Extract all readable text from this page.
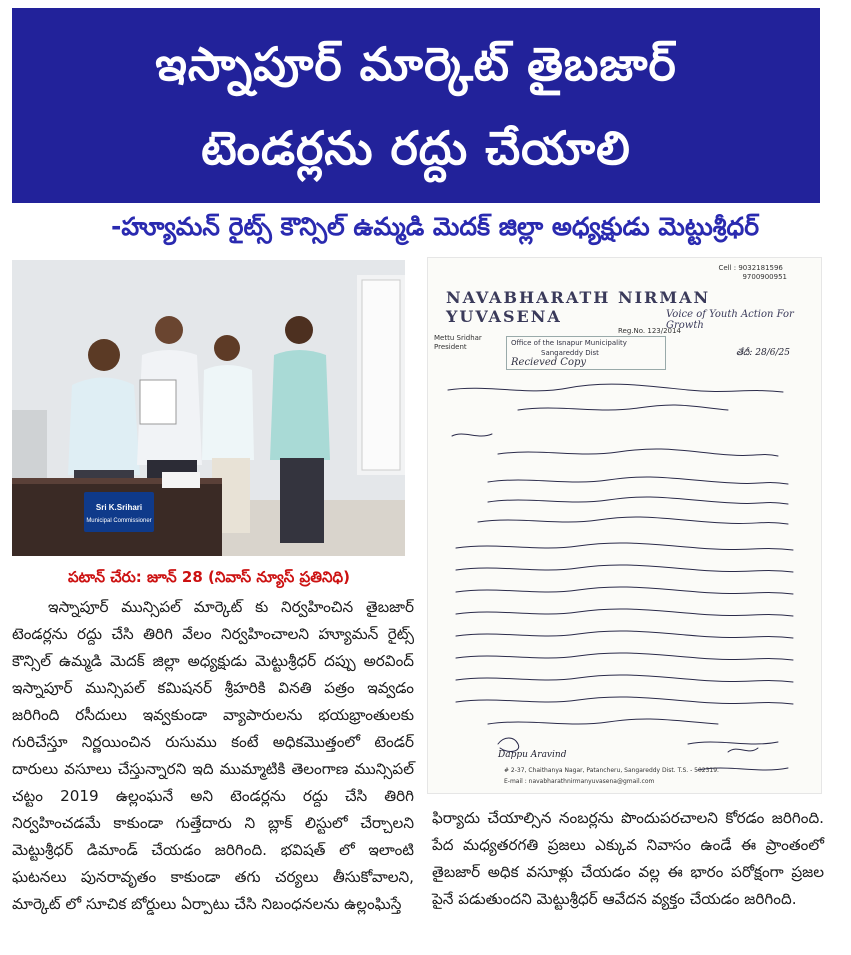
ఇస్నాపూర్ మార్కెట్ తైబజార్
టెండర్లను రద్దు చేయాలి
-హ్యూమన్ రైట్స్ కౌన్సిల్ ఉమ్మడి మెదక్ జిల్లా అధ్యక్షుడు మెట్టుశ్రీధర్
Sri K.Srihari
Municipal Commissioner
Cell : 9032181596
9700900951
NAVABHARATH NIRMAN YUVASENA	Voice of Youth Action For Growth
Reg.No. 123/2014
Mettu Sridhar
President	Office of the Isnapur Municipality
Sangareddy Dist
Recieved Copy
తేదీ: 28/6/25
Dappu Aravind
# 2-37, Chaithanya Nagar, Patancheru, Sangareddy Dist. T.S. - 502319.
E-mail : navabharathnirmanyuvasena@gmail.com
పటాన్ చేరు: జూన్ 28 (నివాస్ న్యూస్ ప్రతినిధి)
ఇస్నాపూర్ మున్సిపల్ మార్కెట్ కు నిర్వహించిన తైబజార్ టెండర్లను రద్దు చేసి తిరిగి వేలం నిర్వహించాలని హ్యూమన్ రైట్స్ కౌన్సిల్ ఉమ్మడి మెదక్ జిల్లా అధ్యక్షుడు మెట్టుశ్రీధర్ దప్పు అరవింద్ ఇస్నాపూర్ మున్సిపల్ కమిషనర్ శ్రీహరికి వినతి పత్రం ఇవ్వడం జరిగింది రసీదులు ఇవ్వకుండా వ్యాపారులను భయభ్రాంతులకు గురిచేస్తూ నిర్ణయించిన రుసుము కంటే అధికమొత్తంలో టెండర్ దారులు వసూలు చేస్తున్నారని ఇది ముమ్మాటికి తెలంగాణ మున్సిపల్ చట్టం 2019 ఉల్లంఘనే అని టెండర్లను రద్దు చేసి తిరిగి నిర్వహించడమే కాకుండా గుత్తేదారు ని బ్లాక్ లిస్టులో చేర్చాలని మెట్టుశ్రీధర్ డిమాండ్ చేయడం జరిగింది. భవిషత్ లో ఇలాంటి ఘటనలు పునరావృతం కాకుండా తగు చర్యలు తీసుకోవాలని, మార్కెట్ లో సూచిక బోర్డులు ఏర్పాటు చేసి నిబంధనలను ఉల్లంఘిస్తే
ఫిర్యాదు చేయాల్సిన నంబర్లను పొందుపరచాలని కోరడం జరిగింది. పేద మధ్యతరగతి ప్రజలు ఎక్కువ నివాసం ఉండే ఈ ప్రాంతంలో తైబజార్ అధిక వసూళ్లు చేయడం వల్ల ఈ భారం పరోక్షంగా ప్రజల పైనే పడుతుందని మెట్టుశ్రీధర్ ఆవేదన వ్యక్తం చేయడం జరిగింది.
